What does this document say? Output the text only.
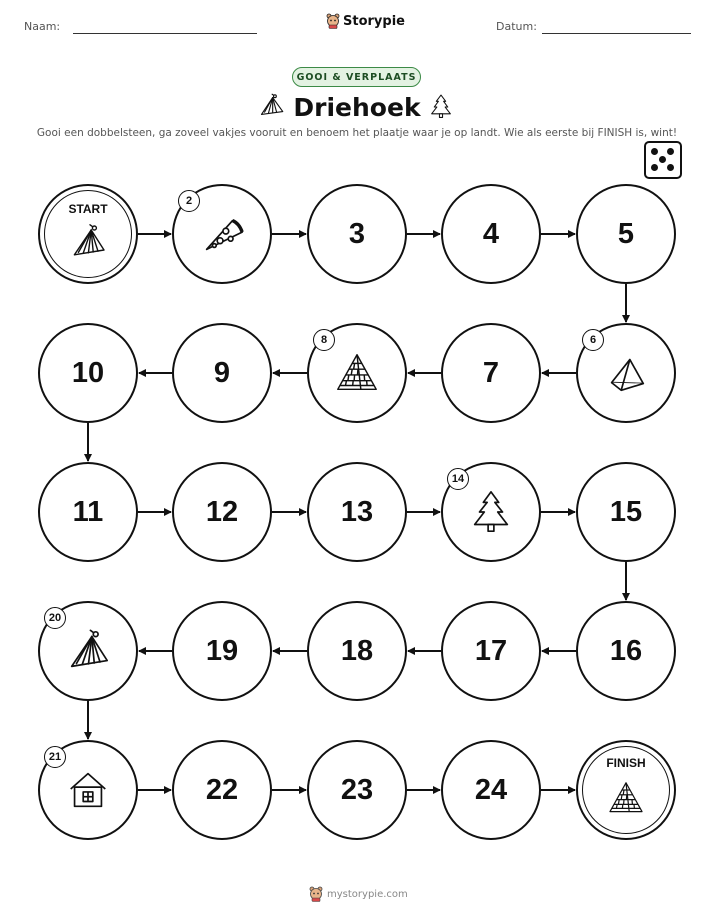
Naam:	Storypie	Datum:
GOOI & VERPLAATS
Driehoek
Gooi een dobbelsteen, ga zoveel vakjes vooruit en benoem het plaatje waar je op landt. Wie als eerste bij FINISH is, wint!
START
2
3	4	5
6
7
8
9
10
11	12	13
14
15
16
17
18
19
20
21
22	23	24
FINISH
mystorypie.com
